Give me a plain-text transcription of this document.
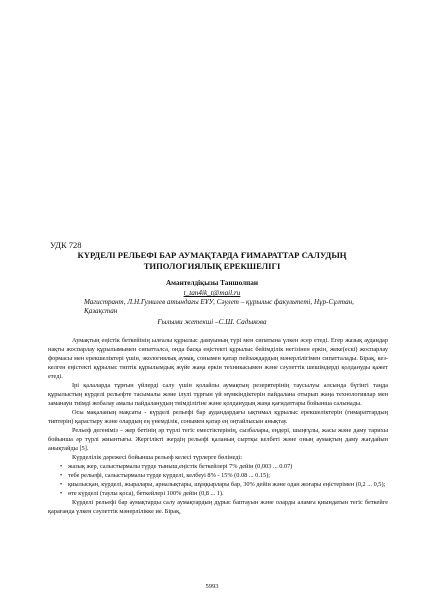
УДК 728
КҮРДЕЛІ РЕЛЬЕФІ БАР АУМАҚТАРДА ҒИМАРАТТАР САЛУДЫҢ
ТИПОЛОГИЯЛЫҚ ЕРЕКШЕЛІГІ

Амантелдіқызы Таншолпан

t_tan4ik_t@mail.ru

Магистрант, Л.Н.Гумилев атындағы ЕҰУ, Сәулет – құрылыс факультеті, Нұр-Сұлтан, Қазақстан

Ғылыми жетекші –С.Ш. Садыкова

Аумақтың еңістік беткейінің ылғалы құрылыс дамуының түрі мен сипатына үлкен әсер етеді. Егер жазық аудандар нақты жоспарлау құрылымымен сипатталса, онда басқа еңістекті құрылыс бейімділік негізінен еркін, жеке(ескі) жоспарлау формасы мен ерекшеліктері үшін, экологиялық аумақ, сонымен қатар пейзаждардың мәнерлілігімен сипатталады. Бірақ, кез-келген еңістекті құрылыс типтік құрылымдық жүйе жаңа еркін техникасымен және сәулеттік шешімдерді қолдануды қажет етеді.

Ірі қалаларда тұрғын үйлерді салу үшін қолайлы аумақтың резервтерінің таусылуы алсында бүгінгі таңда құрылыстың күрделі рельефте тасымалы және ілулі тұрғын үй мүмкіндіктерін пайдалана отырып жаңа технологиялар мен заманауи тиімді жобалау амалы пайдаланудың тиімділігіне және қолданудың жаңа қағидаттары бойынша салынады.

Осы мақаланың мақсаты - күрделі рельефі бар аудандардағы ықтимал құрылыс ерекшеліктерін (ғимараттардың типтерін) қарастыру және олардың ең үнемділік, сонымен қатар ең оңтайлысын анықтау.

Рельеф дегеніміз – жер бетінің әр түрлі тегіс еместіктерінің, сызбалары, еңдері, шыңғұлы, жасы және даму тарихы бойынша әр түрлі жиынтығы. Жергілікті жердің рельефі қаланың сыртқы келбеті және оның аумақтың даму жағдайын анықтайды [5].

Күрделілік дәрежесі бойынша рельеф келесі түрлерге бөлінеді:

• жазық жер, салыстырмалы түрде тыныш,еңістік беткейлері 7% дейін (0,003 ... 0.07)
• тебе рельефі, салыстырмалы түрде күрделі, келбеуі 8% - 15% (0.08 ... 0.15);
• қиылысқан, күрделі, жыралары, арналықтары, шұңқырлары бар, 30% дейін және одан жоғары еңістерімен (0,2 ... 0,5);
• өте күрделі (таулы қоса), беткейлері 100% дейін (0,8 ... 1).

Күрделі рельефі бар аумақтарды салу аумақтардың дұрыс баптауын және оларды аламға қиындатын тегіс беткейге қарағанда үлкен сәулеттік мәнерлілікке ие. Бірақ,

5993
